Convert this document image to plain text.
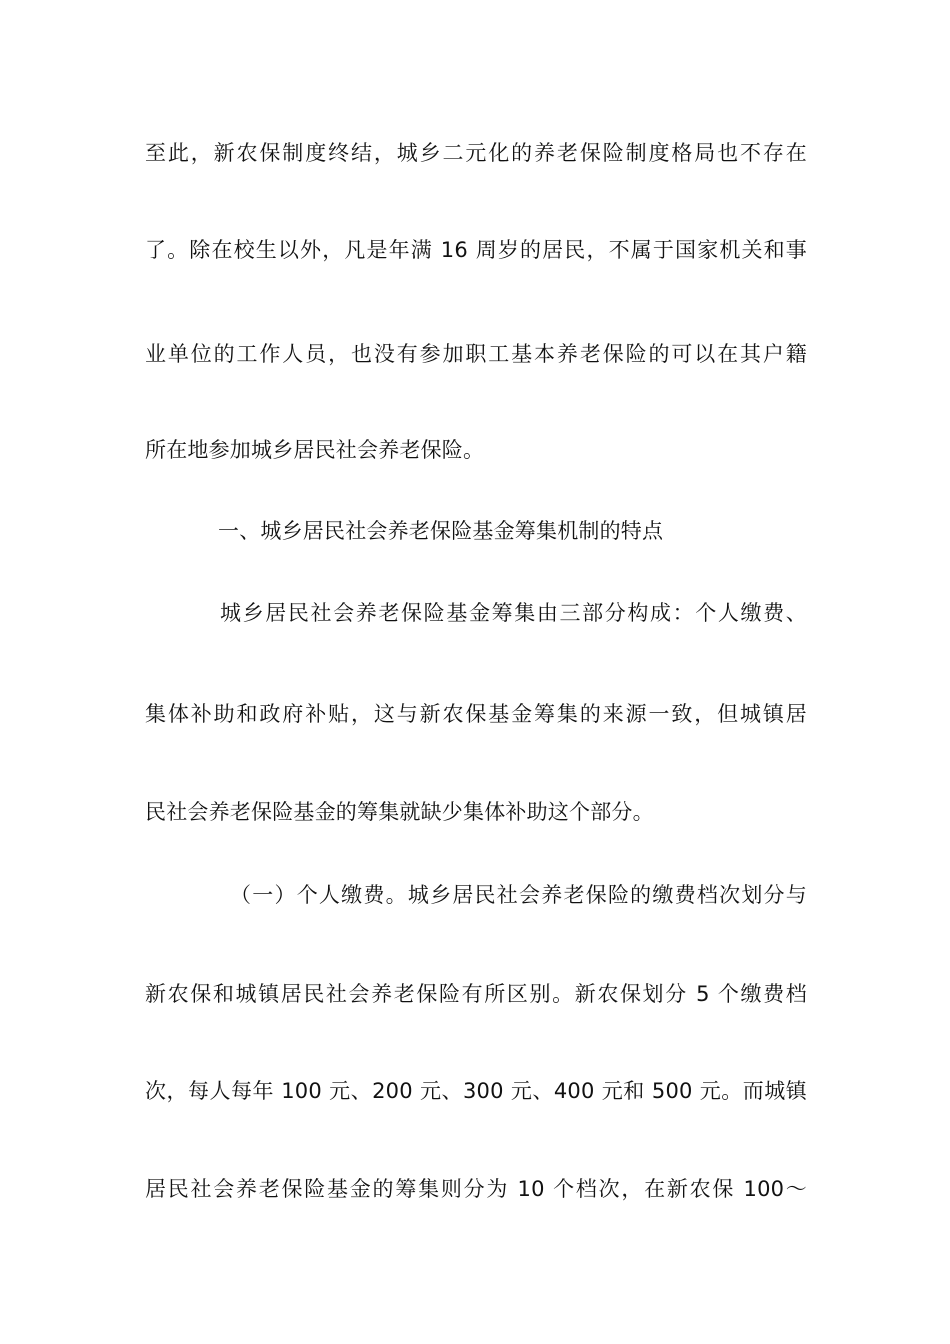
至此，新农保制度终结，城乡二元化的养老保险制度格局也不存在
了。除在校生以外，凡是年满 16 周岁的居民，不属于国家机关和事
业单位的工作人员，也没有参加职工基本养老保险的可以在其户籍
所在地参加城乡居民社会养老保险。
一、城乡居民社会养老保险基金筹集机制的特点
城乡居民社会养老保险基金筹集由三部分构成：个人缴费、
集体补助和政府补贴，这与新农保基金筹集的来源一致，但城镇居
民社会养老保险基金的筹集就缺少集体补助这个部分。
（一）个人缴费。城乡居民社会养老保险的缴费档次划分与
新农保和城镇居民社会养老保险有所区别。新农保划分 5 个缴费档
次，每人每年 100 元、200 元、300 元、400 元和 500 元。而城镇
居民社会养老保险基金的筹集则分为 10 个档次，在新农保 100～
